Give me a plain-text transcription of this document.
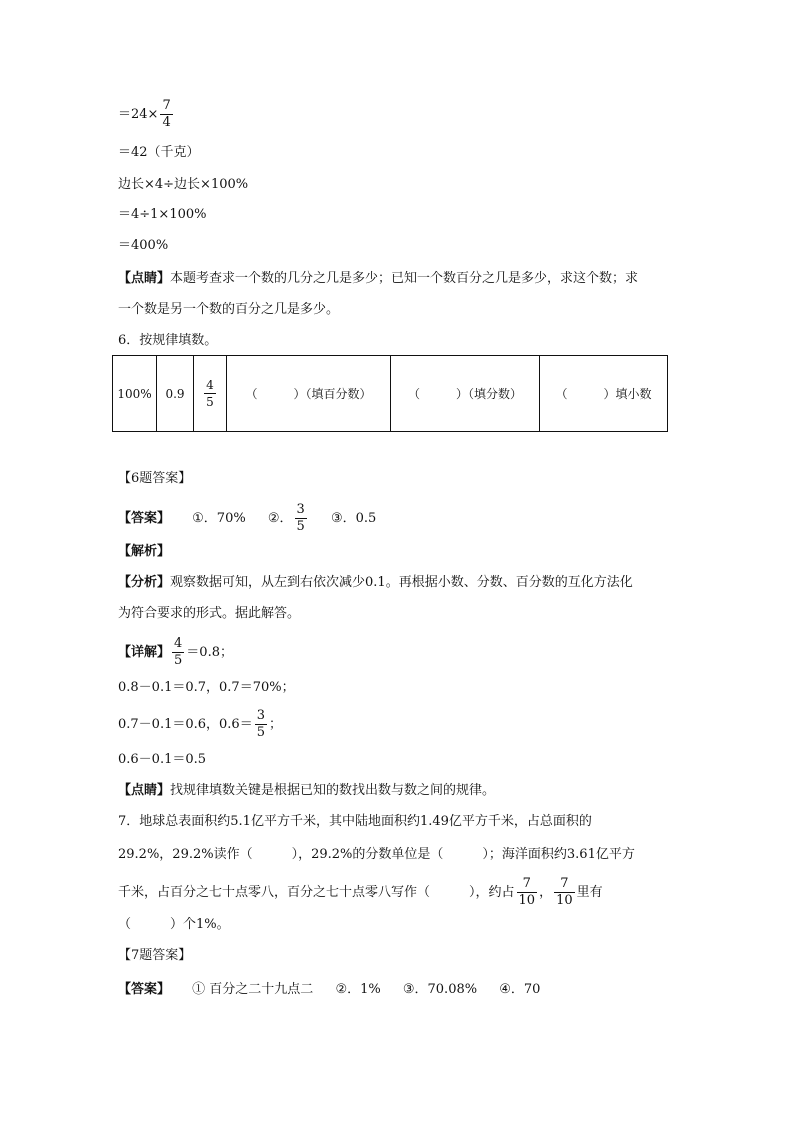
$=24\times \frac{7}{4}$
＝42（千克）
边长×4÷边长×100%
＝4÷1×100%
＝400%
【点睛】本题考查求一个数的几分之几是多少；已知一个数百分之几是多少，求这个数；求
一个数是另一个数的百分之几是多少。
6．按规律填数。
100%	0.9	$\frac{4}{5}$	（　　　）（填百分数）	（　　　）（填分数）	（　　　）填小数
【6题答案】
【答案】 ①．70% ②． $\frac{3}{5}$ ③．0.5
【解析】
【分析】观察数据可知，从左到右依次减少0.1。再根据小数、分数、百分数的互化方法化
为符合要求的形式。据此解答。
【详解】 $\frac{4}{5} =0.8$；
0.8－0.1＝0.7，0.7＝70%；
0.7－0.1＝0.6，$0.6= \frac{3}{5}$ ；
0.6－0.1＝0.5
【点睛】找规律填数关键是根据已知的数找出数与数之间的规律。
7．地球总表面积约5.1亿平方千米，其中陆地面积约1.49亿平方千米，占总面积的
29.2%，29.2%读作（　　　），29.2%的分数单位是（　　　）；海洋面积约3.61亿平方
千米，占百分之七十点零八，百分之七十点零八写作（　　　），约占 $\frac{7}{10}$ ， $\frac{7}{10}$ 里有
（　　　）个1%。
【7题答案】
【答案】 ① 百分之二十九点二 ②．1% ③．70.08% ④．70
